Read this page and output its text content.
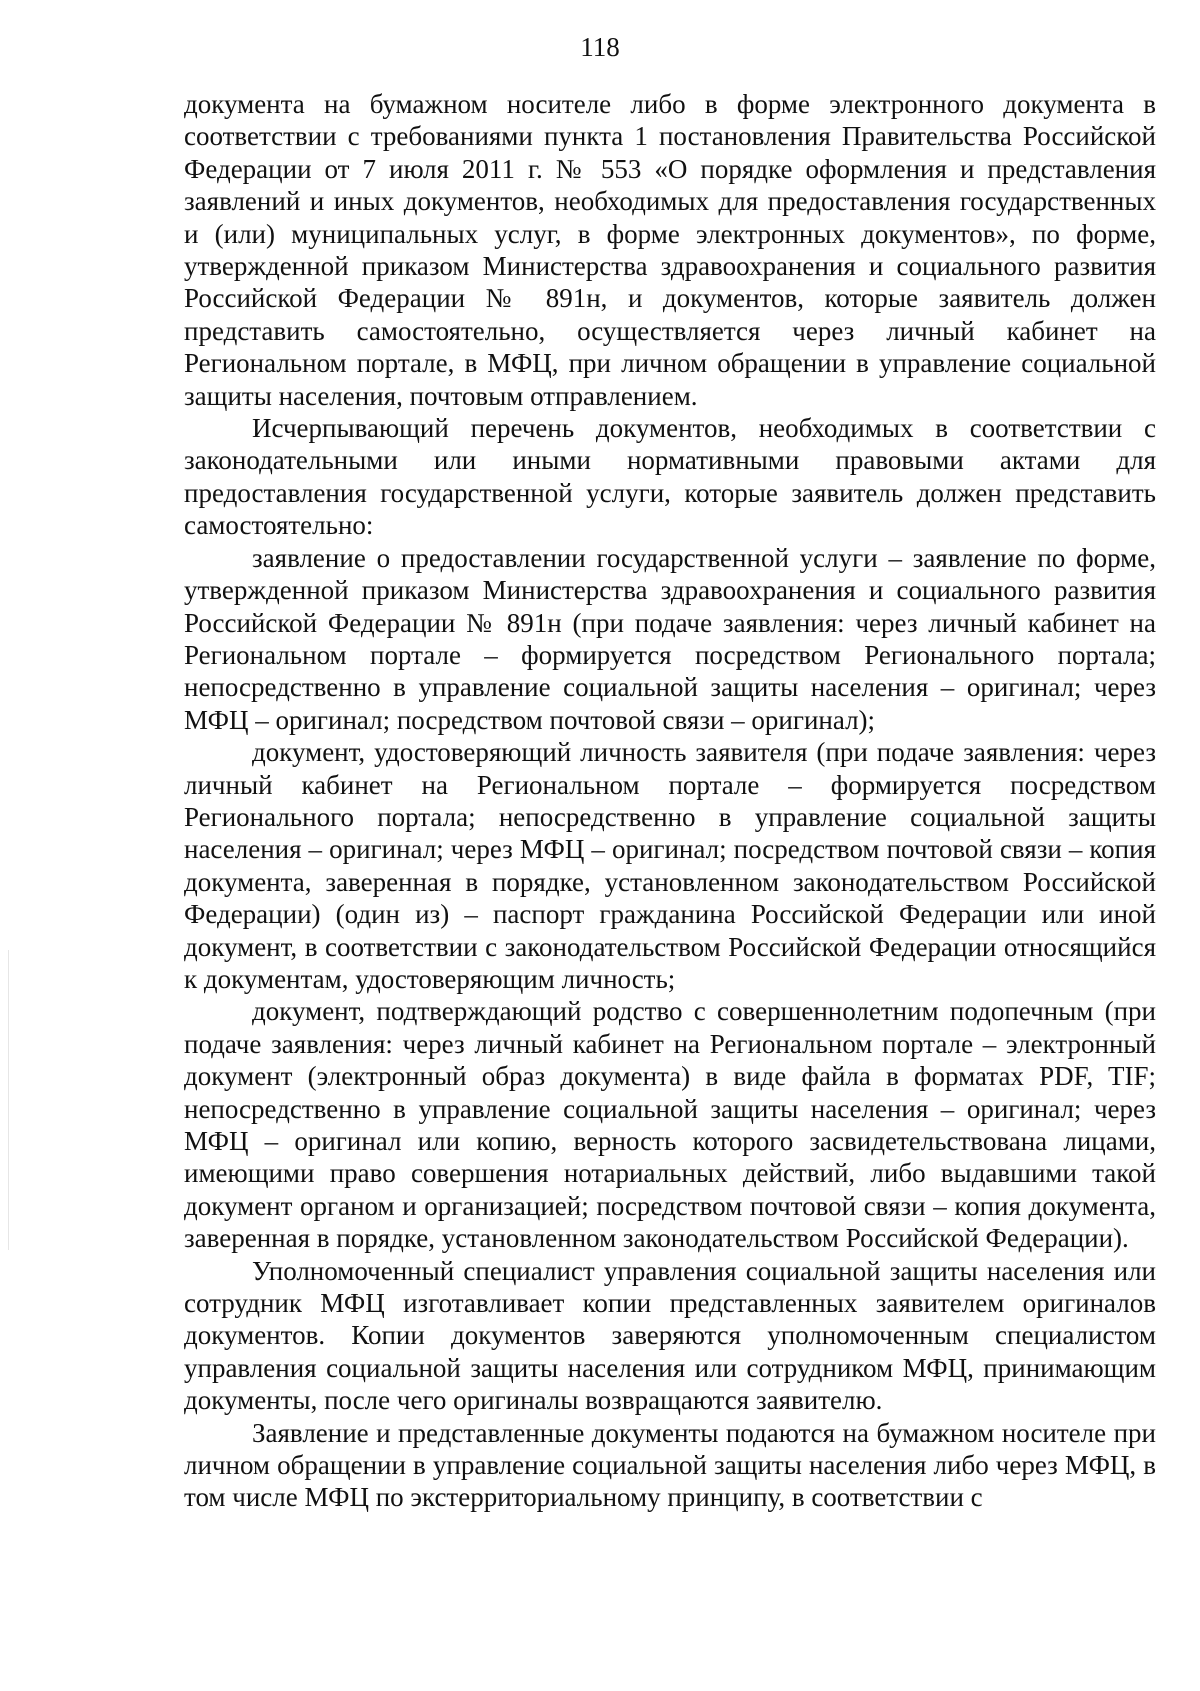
118

документа на бумажном носителе либо в форме электронного документа в соответствии с требованиями пункта 1 постановления Правительства Российской Федерации от 7 июля 2011 г. № 553 «О порядке оформления и представления заявлений и иных документов, необходимых для предоставления государственных и (или) муниципальных услуг, в форме электронных документов», по форме, утвержденной приказом Министерства здравоохранения и социального развития Российской Федерации № 891н, и документов, которые заявитель должен представить самостоятельно, осуществляется через личный кабинет на Региональном портале, в МФЦ, при личном обращении в управление социальной защиты населения, почтовым отправлением.

Исчерпывающий перечень документов, необходимых в соответствии с законодательными или иными нормативными правовыми актами для предоставления государственной услуги, которые заявитель должен представить самостоятельно:

заявление о предоставлении государственной услуги – заявление по форме, утвержденной приказом Министерства здравоохранения и социального развития Российской Федерации № 891н (при подаче заявления: через личный кабинет на Региональном портале – формируется посредством Регионального портала; непосредственно в управление социальной защиты населения – оригинал; через МФЦ – оригинал; посредством почтовой связи – оригинал);

документ, удостоверяющий личность заявителя (при подаче заявления: через личный кабинет на Региональном портале – формируется посредством Регионального портала; непосредственно в управление социальной защиты населения – оригинал; через МФЦ – оригинал; посредством почтовой связи – копия документа, заверенная в порядке, установленном законодательством Российской Федерации) (один из) – паспорт гражданина Российской Федерации или иной документ, в соответствии с законодательством Российской Федерации относящийся к документам, удостоверяющим личность;

документ, подтверждающий родство с совершеннолетним подопечным (при подаче заявления: через личный кабинет на Региональном портале – электронный документ (электронный образ документа) в виде файла в форматах PDF, TIF; непосредственно в управление социальной защиты населения – оригинал; через МФЦ – оригинал или копию, верность которого засвидетельствована лицами, имеющими право совершения нотариальных действий, либо выдавшими такой документ органом и организацией; посредством почтовой связи – копия документа, заверенная в порядке, установленном законодательством Российской Федерации).

Уполномоченный специалист управления социальной защиты населения или сотрудник МФЦ изготавливает копии представленных заявителем оригиналов документов. Копии документов заверяются уполномоченным специалистом управления социальной защиты населения или сотрудником МФЦ, принимающим документы, после чего оригиналы возвращаются заявителю.

Заявление и представленные документы подаются на бумажном носителе при личном обращении в управление социальной защиты населения либо через МФЦ, в том числе МФЦ по экстерриториальному принципу, в соответствии с
